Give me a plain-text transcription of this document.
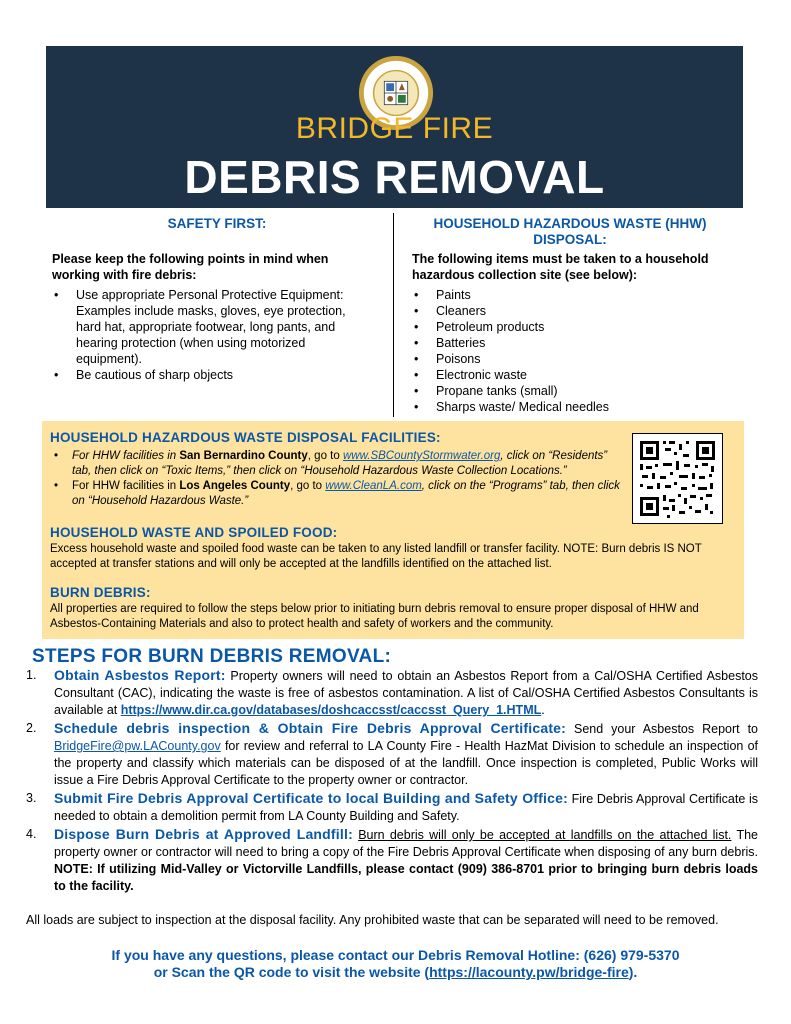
BRIDGE FIRE
DEBRIS REMOVAL
SAFETY FIRST:
Please keep the following points in mind when working with fire debris:
• Use appropriate Personal Protective Equipment: Examples include masks, gloves, eye protection, hard hat, appropriate footwear, long pants, and hearing protection (when using motorized equipment).
• Be cautious of sharp objects
HOUSEHOLD HAZARDOUS WASTE (HHW) DISPOSAL:
The following items must be taken to a household hazardous collection site (see below):
• Paints
• Cleaners
• Petroleum products
• Batteries
• Poisons
• Electronic waste
• Propane tanks (small)
• Sharps waste/ Medical needles
HOUSEHOLD HAZARDOUS WASTE DISPOSAL FACILITIES:
• For HHW facilities in San Bernardino County, go to www.SBCountyStormwater.org, click on “Residents” tab, then click on “Toxic Items,” then click on “Household Hazardous Waste Collection Locations.”
• For HHW facilities in Los Angeles County, go to www.CleanLA.com, click on the “Programs” tab, then click on “Household Hazardous Waste.”
HOUSEHOLD WASTE AND SPOILED FOOD:
Excess household waste and spoiled food waste can be taken to any listed landfill or transfer facility. NOTE: Burn debris IS NOT accepted at transfer stations and will only be accepted at the landfills identified on the attached list.
BURN DEBRIS:
All properties are required to follow the steps below prior to initiating burn debris removal to ensure proper disposal of HHW and Asbestos-Containing Materials and also to protect health and safety of workers and the community.
STEPS FOR BURN DEBRIS REMOVAL:
1. Obtain Asbestos Report: Property owners will need to obtain an Asbestos Report from a Cal/OSHA Certified Asbestos Consultant (CAC), indicating the waste is free of asbestos contamination. A list of Cal/OSHA Certified Asbestos Consultants is available at https://www.dir.ca.gov/databases/doshcaccsst/caccsst_Query_1.HTML.
2. Schedule debris inspection & Obtain Fire Debris Approval Certificate: Send your Asbestos Report to BridgeFire@pw.LACounty.gov for review and referral to LA County Fire - Health HazMat Division to schedule an inspection of the property and classify which materials can be disposed of at the landfill. Once inspection is completed, Public Works will issue a Fire Debris Approval Certificate to the property owner or contractor.
3. Submit Fire Debris Approval Certificate to local Building and Safety Office: Fire Debris Approval Certificate is needed to obtain a demolition permit from LA County Building and Safety.
4. Dispose Burn Debris at Approved Landfill: Burn debris will only be accepted at landfills on the attached list. The property owner or contractor will need to bring a copy of the Fire Debris Approval Certificate when disposing of any burn debris. NOTE: If utilizing Mid-Valley or Victorville Landfills, please contact (909) 386-8701 prior to bringing burn debris loads to the facility.
All loads are subject to inspection at the disposal facility. Any prohibited waste that can be separated will need to be removed.
If you have any questions, please contact our Debris Removal Hotline: (626) 979-5370
or Scan the QR code to visit the website (https://lacounty.pw/bridge-fire).
